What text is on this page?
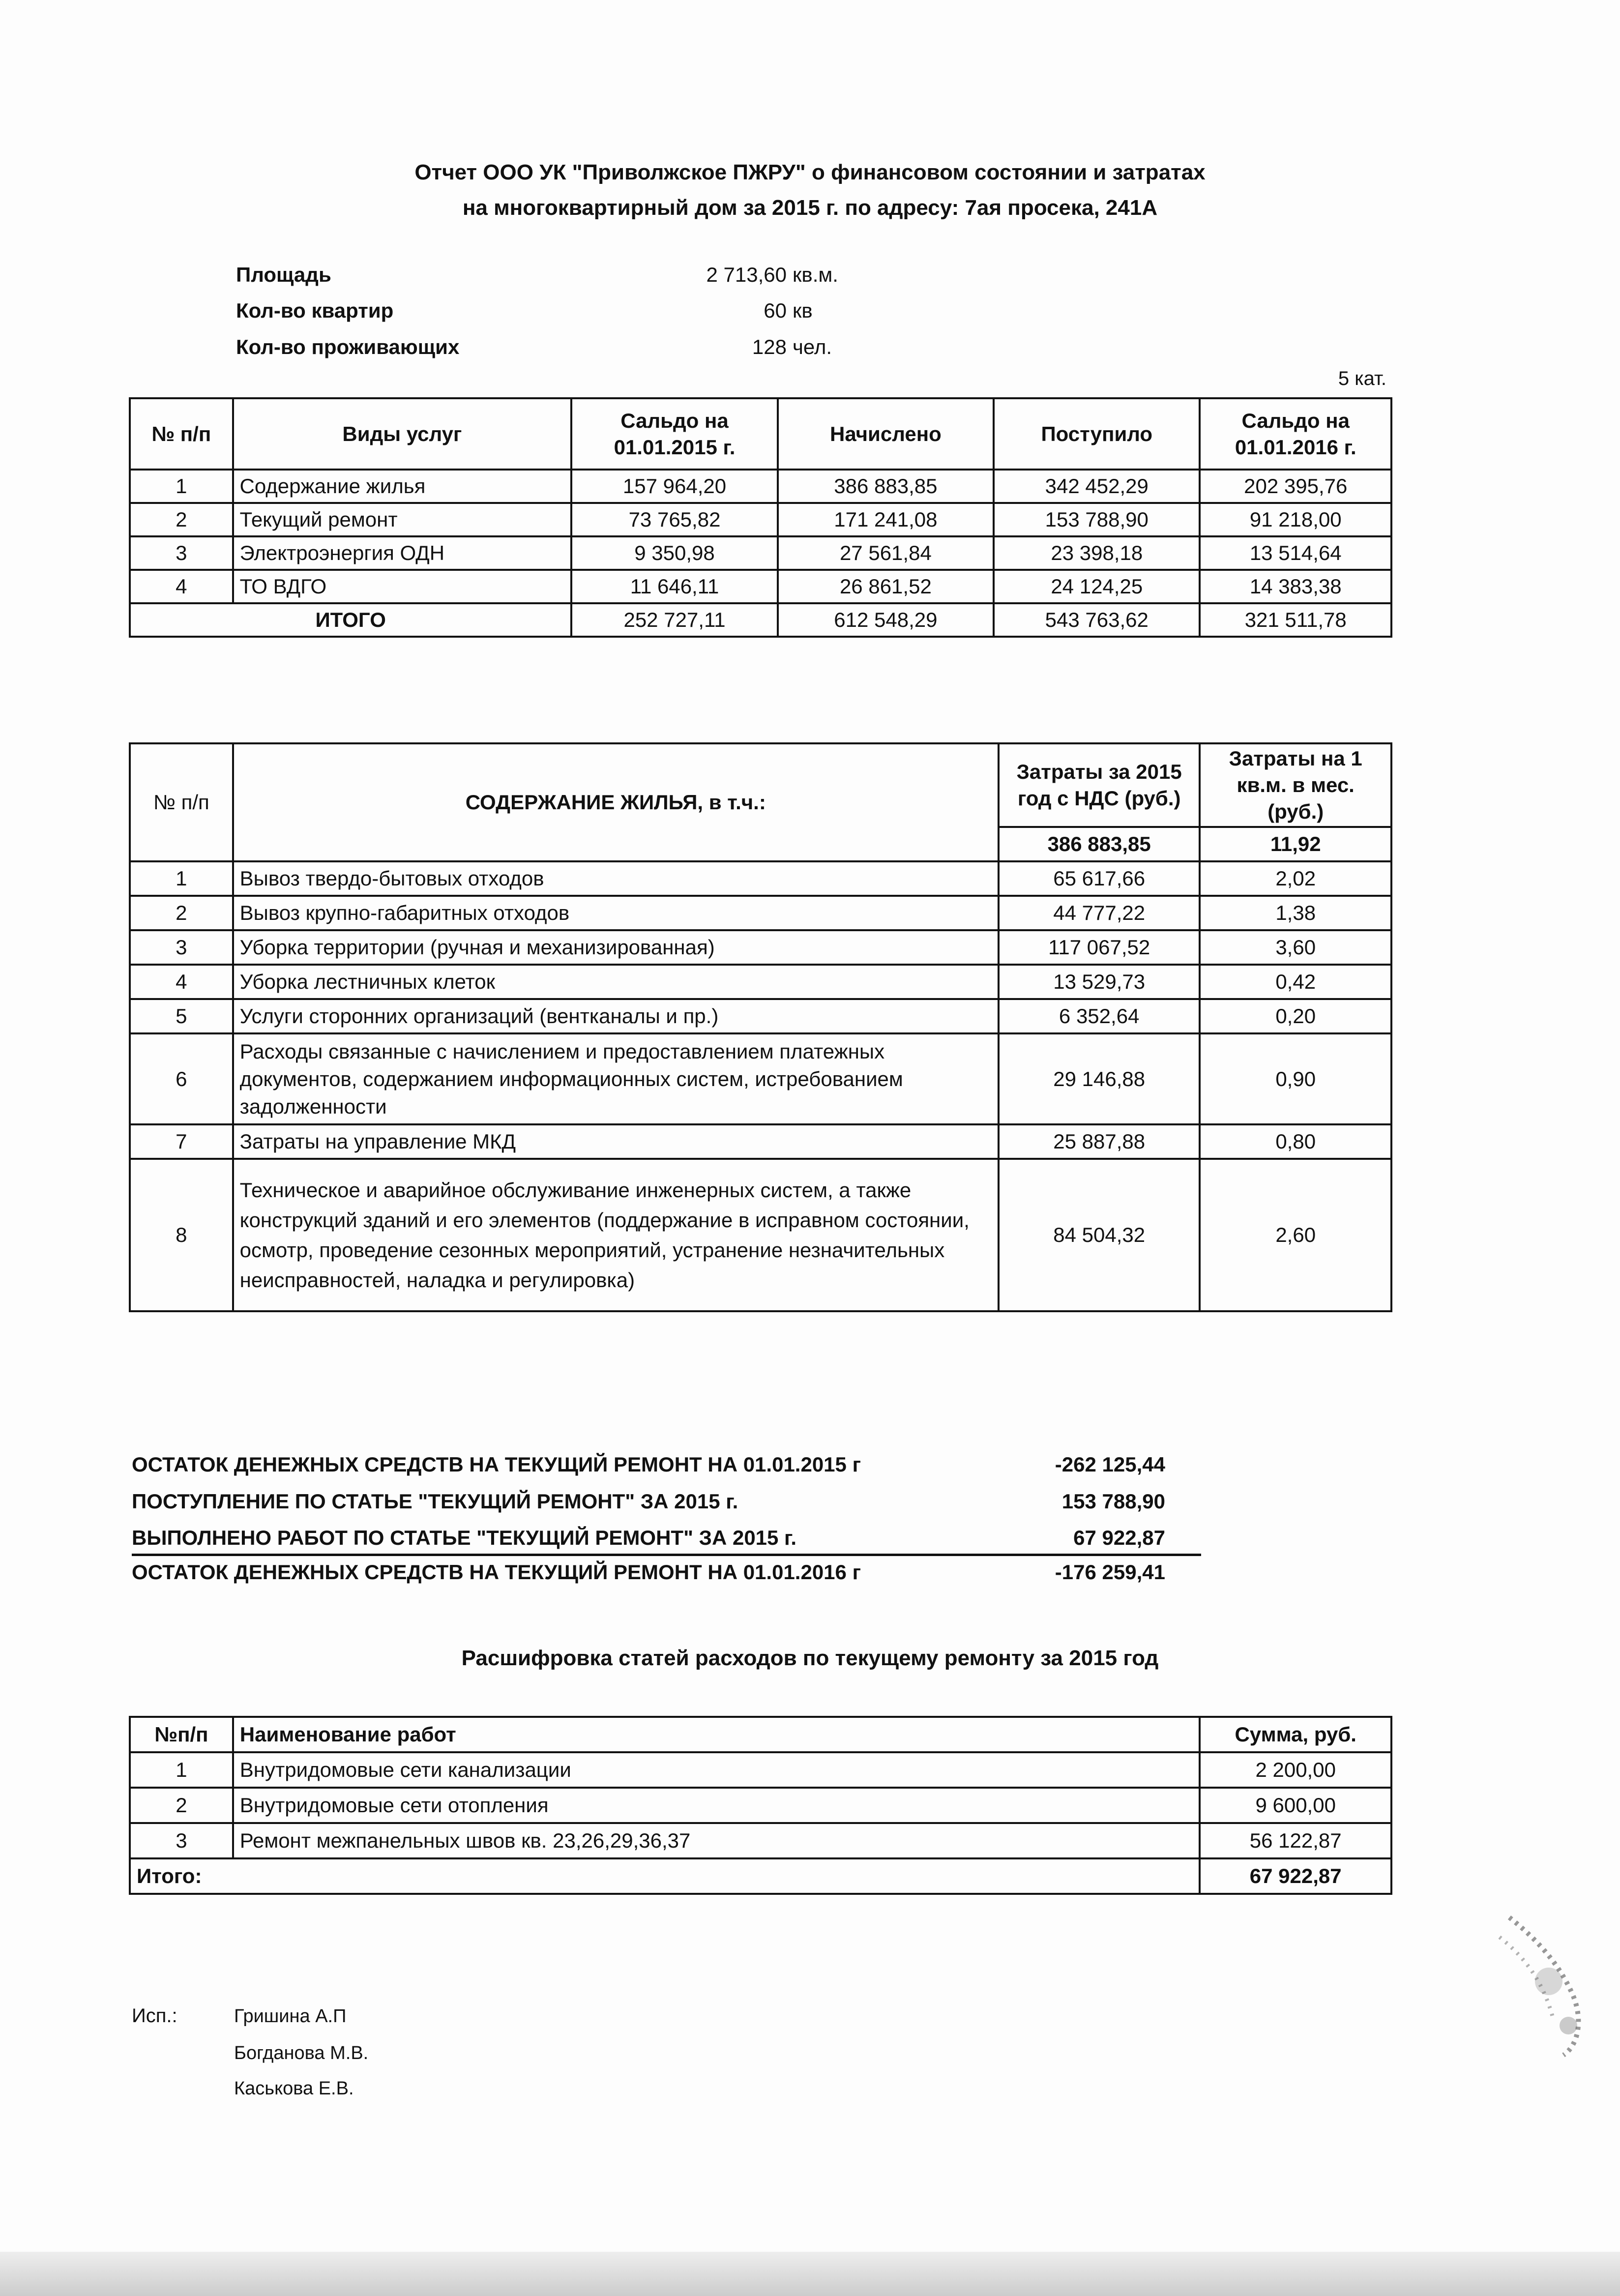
Отчет ООО УК "Приволжское ПЖРУ" о финансовом состоянии и затратах
на многоквартирный дом за 2015 г. по адресу: 7ая просека, 241А
Площадь	2 713,60 кв.м.
Кол-во квартир	60 кв
Кол-во проживающих	128 чел.
5 кат.
№ п/п	Виды услуг	Сальдо на 01.01.2015 г.	Начислено	Поступило	Сальдо на 01.01.2016 г.
1	Содержание жилья	157 964,20	386 883,85	342 452,29	202 395,76
2	Текущий ремонт	73 765,82	171 241,08	153 788,90	91 218,00
3	Электроэнергия ОДН	9 350,98	27 561,84	23 398,18	13 514,64
4	ТО ВДГО	11 646,11	26 861,52	24 124,25	14 383,38
ИТОГО		252 727,11	612 548,29	543 763,62	321 511,78
№ п/п	СОДЕРЖАНИЕ ЖИЛЬЯ, в т.ч.:	Затраты за 2015 год с НДС (руб.)	Затраты на 1 кв.м. в мес. (руб.)
		386 883,85	11,92
1	Вывоз твердо-бытовых отходов	65 617,66	2,02
2	Вывоз крупно-габаритных отходов	44 777,22	1,38
3	Уборка территории (ручная и механизированная)	117 067,52	3,60
4	Уборка лестничных клеток	13 529,73	0,42
5	Услуги сторонних организаций (вентканалы и пр.)	6 352,64	0,20
6	Расходы связанные с начислением и предоставлением платежных документов, содержанием информационных систем, истребованием задолженности	29 146,88	0,90
7	Затраты на управление МКД	25 887,88	0,80
8	Техническое и аварийное обслуживание инженерных систем, а также конструкций зданий и его элементов (поддержание в исправном состоянии, осмотр, проведение сезонных мероприятий, устранение незначительных неисправностей, наладка и регулировка)	84 504,32	2,60
ОСТАТОК ДЕНЕЖНЫХ СРЕДСТВ НА ТЕКУЩИЙ РЕМОНТ НА 01.01.2015 г	-262 125,44
ПОСТУПЛЕНИЕ ПО СТАТЬЕ "ТЕКУЩИЙ РЕМОНТ" ЗА 2015 г.	153 788,90
ВЫПОЛНЕНО РАБОТ ПО СТАТЬЕ "ТЕКУЩИЙ РЕМОНТ" ЗА 2015 г.	67 922,87
ОСТАТОК ДЕНЕЖНЫХ СРЕДСТВ НА ТЕКУЩИЙ РЕМОНТ НА 01.01.2016 г	-176 259,41
Расшифровка статей расходов по текущему ремонту за 2015 год
№п/п	Наименование работ	Сумма, руб.
1	Внутридомовые сети канализации	2 200,00
2	Внутридомовые сети отопления	9 600,00
3	Ремонт межпанельных швов кв. 23,26,29,36,37	56 122,87
Итого:		67 922,87
Исп.:	Гришина А.П
Богданова М.В.
Каськова Е.В.
